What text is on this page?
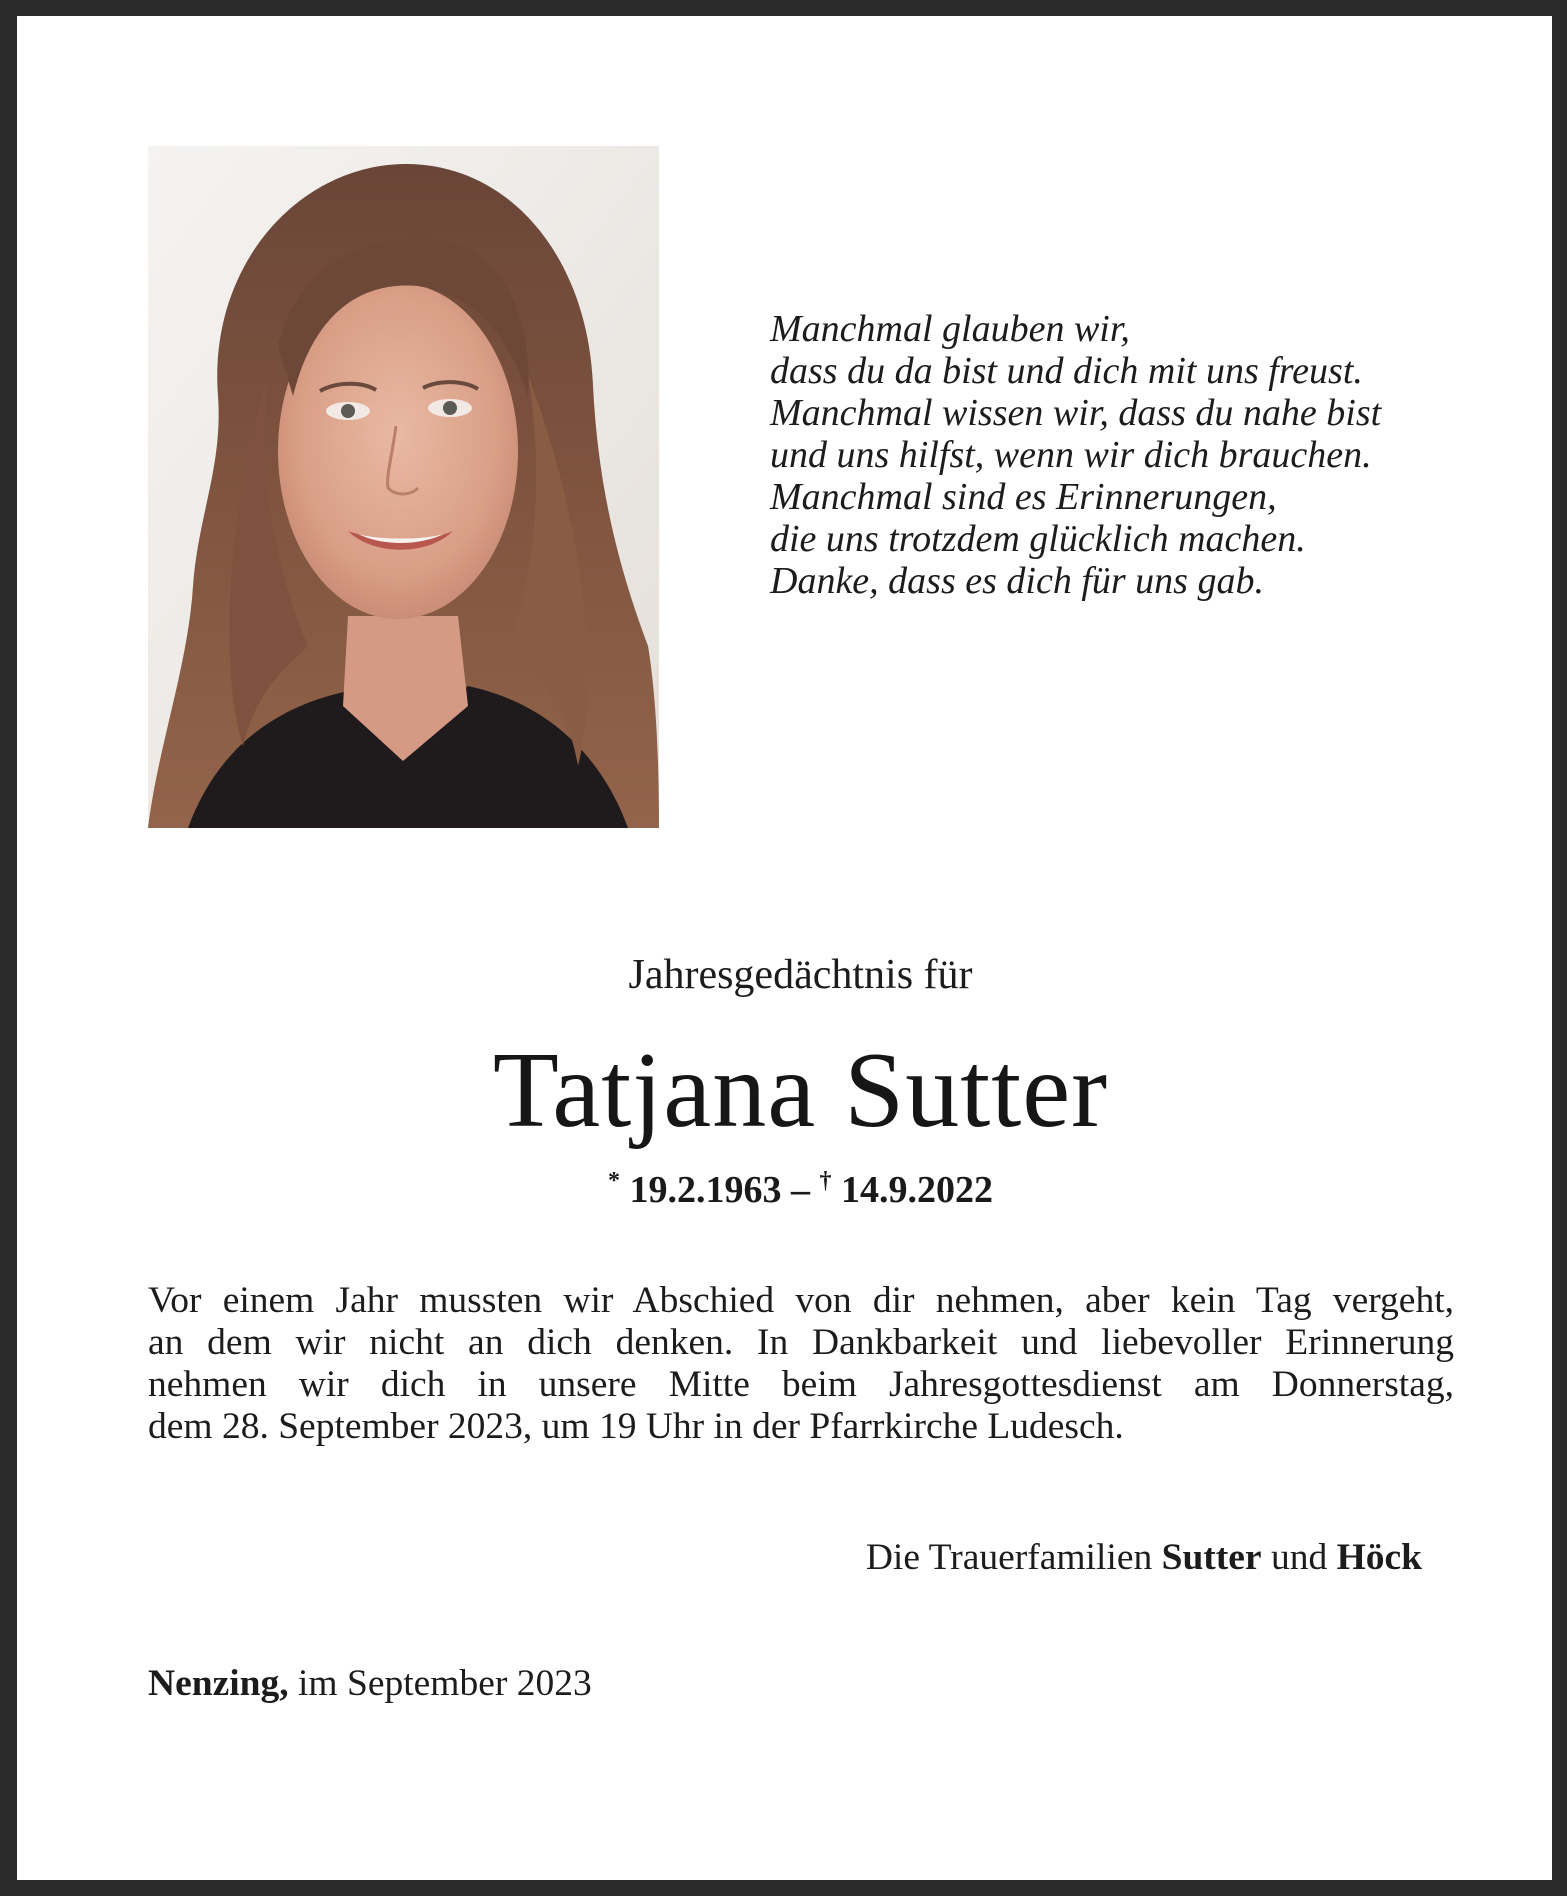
Manchmal glauben wir,
dass du da bist und dich mit uns freust.
Manchmal wissen wir, dass du nahe bist
und uns hilfst, wenn wir dich brauchen.
Manchmal sind es Erinnerungen,
die uns trotzdem glücklich machen.
Danke, dass es dich für uns gab.
Jahresgedächtnis für
Tatjana Sutter
* 19.2.1963 – † 14.9.2022
Vor einem Jahr mussten wir Abschied von dir nehmen, aber kein Tag vergeht,
an dem wir nicht an dich denken. In Dankbarkeit und liebevoller Erinnerung
nehmen wir dich in unsere Mitte beim Jahresgottesdienst am Donnerstag,
dem 28. September 2023, um 19 Uhr in der Pfarrkirche Ludesch.
Die Trauerfamilien Sutter und Höck
Nenzing, im September 2023
